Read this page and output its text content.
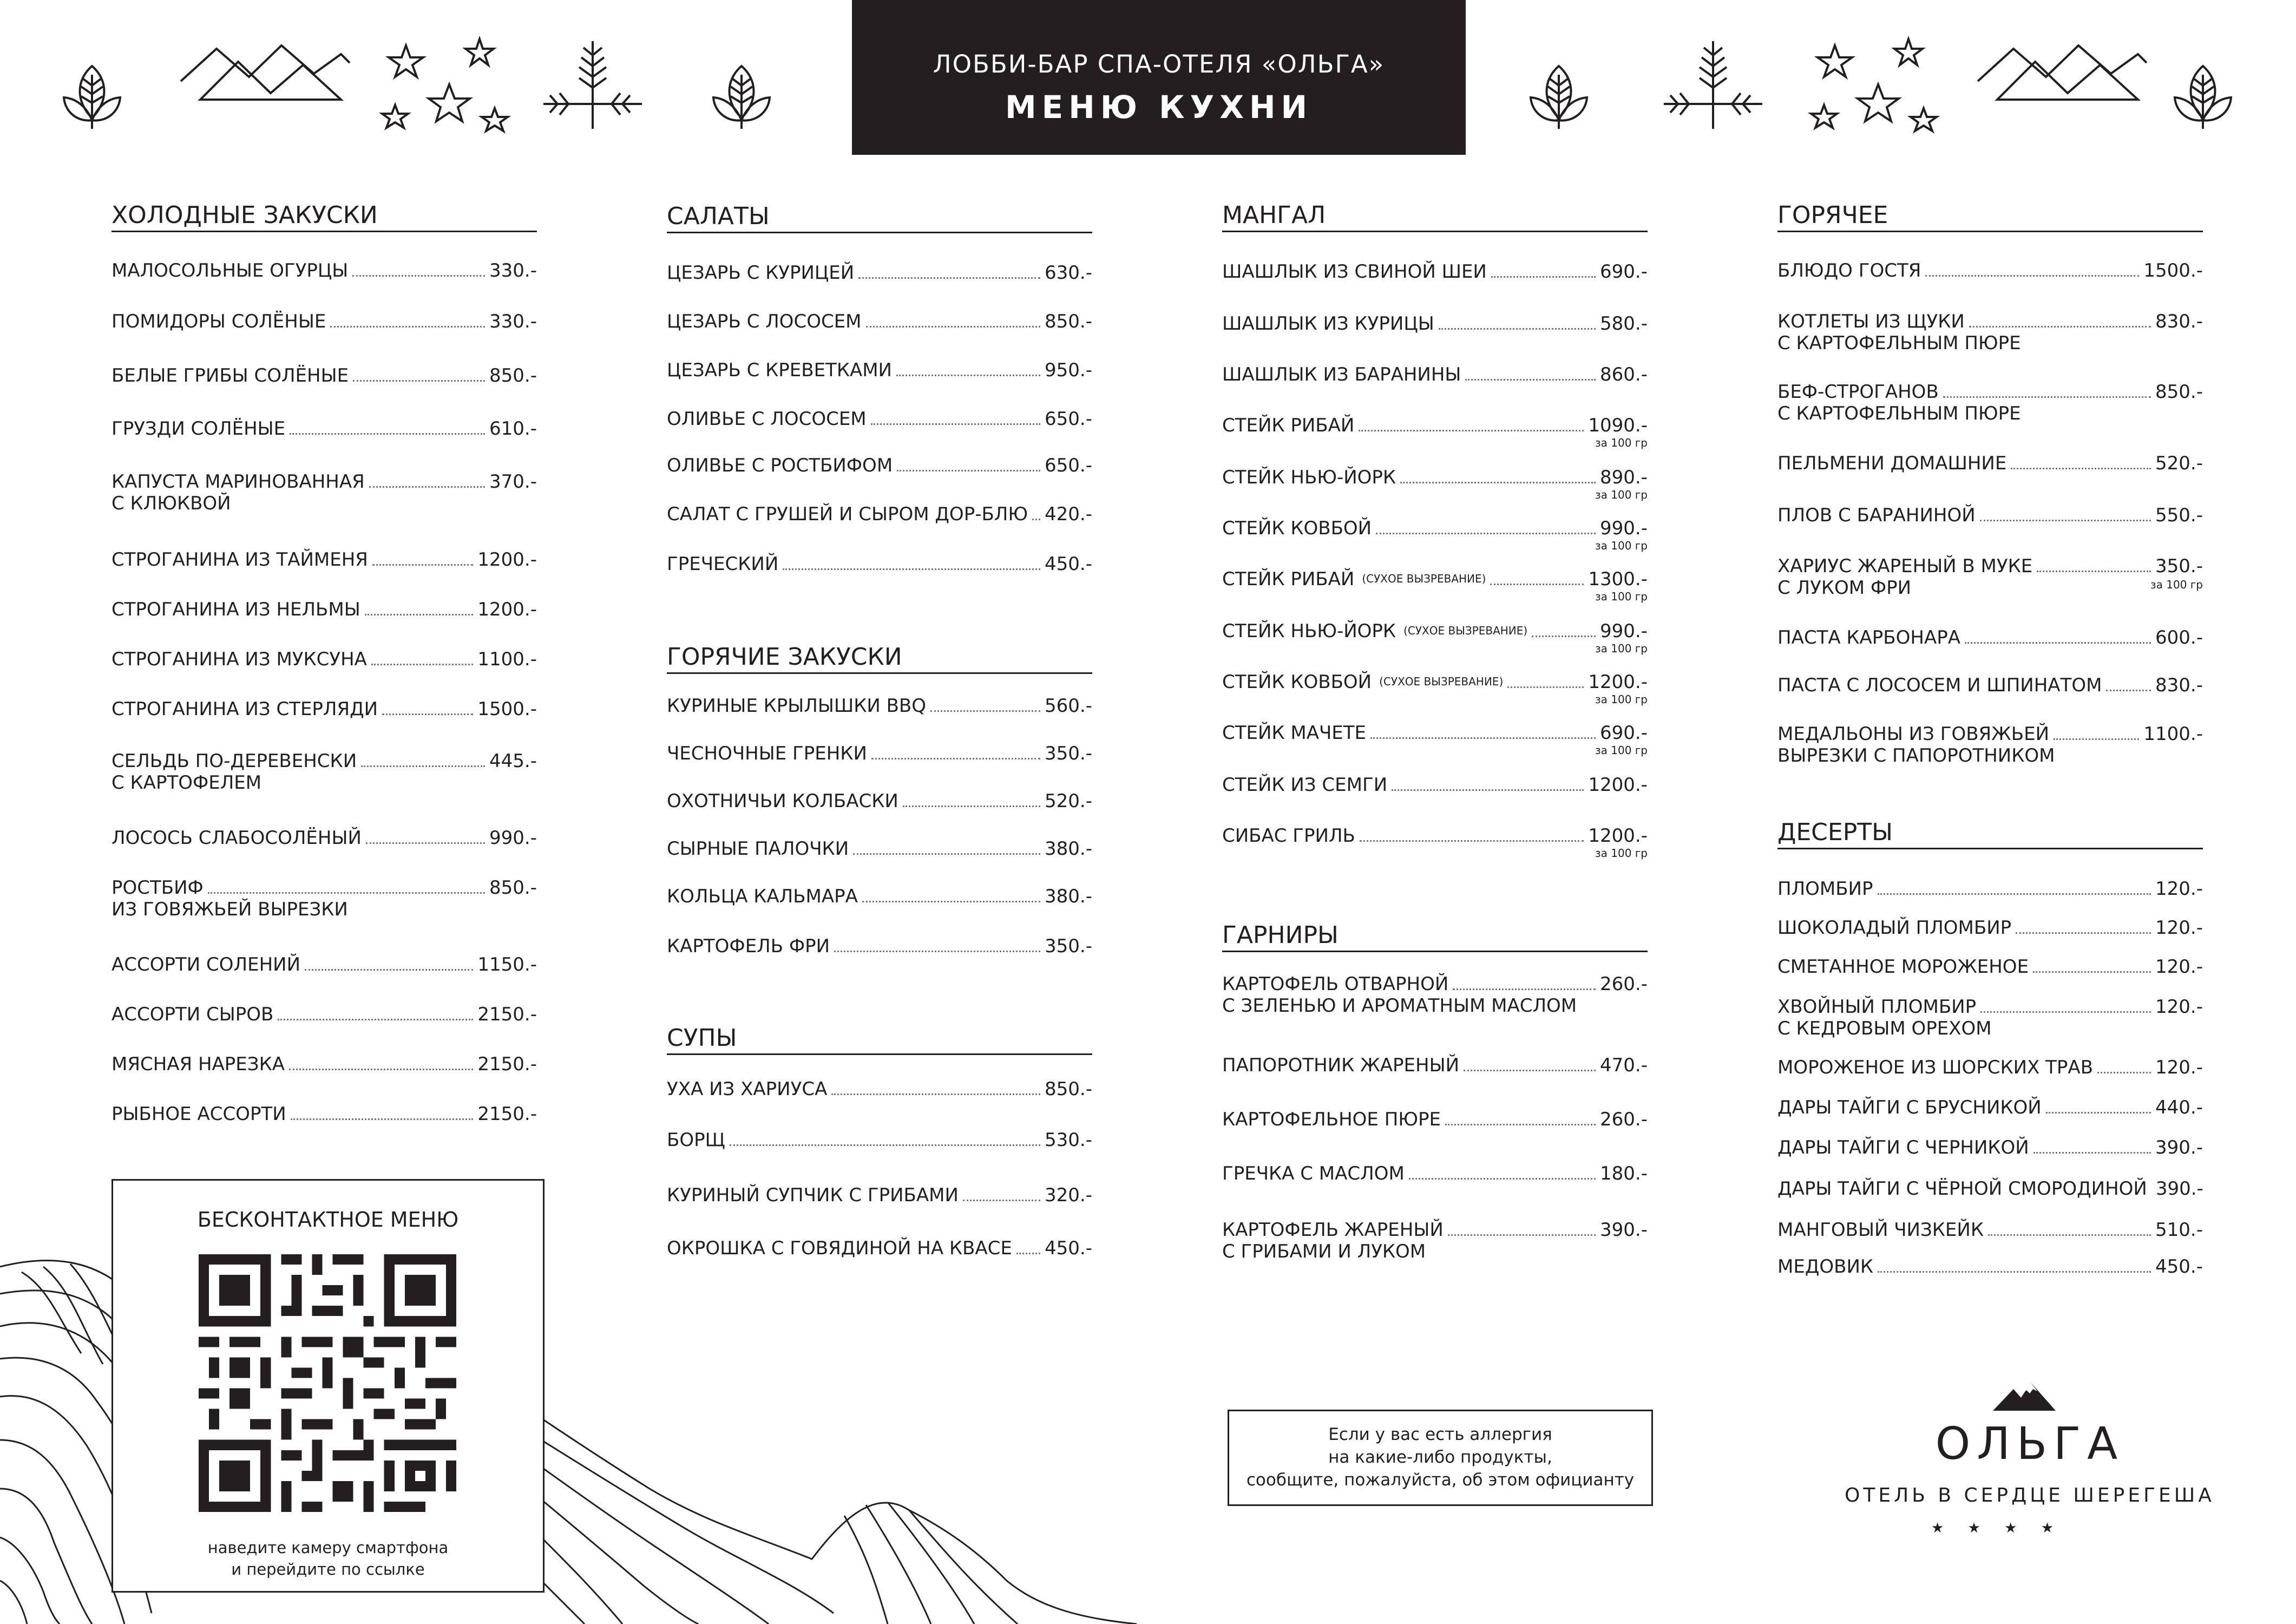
ЛОББИ-БАР СПА-ОТЕЛЯ «ОЛЬГА»
МЕНЮ КУХНИ
ХОЛОДНЫЕ ЗАКУСКИ
МАЛОСОЛЬНЫЕ ОГУРЦЫ	330.-
ПОМИДОРЫ СОЛЁНЫЕ	330.-
БЕЛЫЕ ГРИБЫ СОЛЁНЫЕ	850.-
ГРУЗДИ СОЛЁНЫЕ	610.-
КАПУСТА МАРИНОВАННАЯ	370.-
С КЛЮКВОЙ
СТРОГАНИНА ИЗ ТАЙМЕНЯ	1200.-
СТРОГАНИНА ИЗ НЕЛЬМЫ	1200.-
СТРОГАНИНА ИЗ МУКСУНА	1100.-
СТРОГАНИНА ИЗ СТЕРЛЯДИ	1500.-
СЕЛЬДЬ ПО-ДЕРЕВЕНСКИ	445.-
С КАРТОФЕЛЕМ
ЛОСОСЬ СЛАБОСОЛЁНЫЙ	990.-
РОСТБИФ	850.-
ИЗ ГОВЯЖЬЕЙ ВЫРЕЗКИ
АССОРТИ СОЛЕНИЙ	1150.-
АССОРТИ СЫРОВ	2150.-
МЯСНАЯ НАРЕЗКА	2150.-
РЫБНОЕ АССОРТИ	2150.-
САЛАТЫ
ЦЕЗАРЬ С КУРИЦЕЙ	630.-
ЦЕЗАРЬ С ЛОСОСЕМ	850.-
ЦЕЗАРЬ С КРЕВЕТКАМИ	950.-
ОЛИВЬЕ С ЛОСОСЕМ	650.-
ОЛИВЬЕ С РОСТБИФОМ	650.-
САЛАТ С ГРУШЕЙ И СЫРОМ ДОР-БЛЮ 420.-
ГРЕЧЕСКИЙ	450.-
ГОРЯЧИЕ ЗАКУСКИ
КУРИНЫЕ КРЫЛЫШКИ BBQ	560.-
ЧЕСНОЧНЫЕ ГРЕНКИ	350.-
ОХОТНИЧЬИ КОЛБАСКИ	520.-
СЫРНЫЕ ПАЛОЧКИ	380.-
КОЛЬЦА КАЛЬМАРА	380.-
КАРТОФЕЛЬ ФРИ	350.-
СУПЫ
УХА ИЗ ХАРИУСА	850.-
БОРЩ	530.-
КУРИНЫЙ СУПЧИК С ГРИБАМИ	320.-
ОКРОШКА С ГОВЯДИНОЙ НА КВАСЕ 450.-
МАНГАЛ
ШАШЛЫК ИЗ СВИНОЙ ШЕИ	690.-
ШАШЛЫК ИЗ КУРИЦЫ	580.-
ШАШЛЫК ИЗ БАРАНИНЫ	860.-
СТЕЙК РИБАЙ	1090.-
за 100 гр
СТЕЙК НЬЮ-ЙОРК	890.-
за 100 гр
СТЕЙК КОВБОЙ	990.-
за 100 гр
СТЕЙК РИБАЙ (СУХОЕ ВЫЗРЕВАНИЕ)	1300.-
за 100 гр
СТЕЙК НЬЮ-ЙОРК (СУХОЕ ВЫЗРЕВАНИЕ)	990.-
за 100 гр
СТЕЙК КОВБОЙ (СУХОЕ ВЫЗРЕВАНИЕ)	1200.-
за 100 гр
СТЕЙК МАЧЕТЕ	690.-
за 100 гр
СТЕЙК ИЗ СЕМГИ	1200.-
СИБАС ГРИЛЬ	1200.-
за 100 гр
ГАРНИРЫ
КАРТОФЕЛЬ ОТВАРНОЙ	260.-
С ЗЕЛЕНЬЮ И АРОМАТНЫМ МАСЛОМ
ПАПОРОТНИК ЖАРЕНЫЙ	470.-
КАРТОФЕЛЬНОЕ ПЮРЕ	260.-
ГРЕЧКА С МАСЛОМ	180.-
КАРТОФЕЛЬ ЖАРЕНЫЙ	390.-
С ГРИБАМИ И ЛУКОМ
ГОРЯЧЕЕ
БЛЮДО ГОСТЯ	1500.-
КОТЛЕТЫ ИЗ ЩУКИ	830.-
С КАРТОФЕЛЬНЫМ ПЮРЕ
БЕФ-СТРОГАНОВ	850.-
С КАРТОФЕЛЬНЫМ ПЮРЕ
ПЕЛЬМЕНИ ДОМАШНИЕ	520.-
ПЛОВ С БАРАНИНОЙ	550.-
ХАРИУС ЖАРЕНЫЙ В МУКЕ	350.-
С ЛУКОМ ФРИ	за 100 гр
ПАСТА КАРБОНАРА	600.-
ПАСТА С ЛОСОСЕМ И ШПИНАТОМ	830.-
МЕДАЛЬОНЫ ИЗ ГОВЯЖЬЕЙ	1100.-
ВЫРЕЗКИ С ПАПОРОТНИКОМ
ДЕСЕРТЫ
ПЛОМБИР	120.-
ШОКОЛАДЫЙ ПЛОМБИР	120.-
СМЕТАННОЕ МОРОЖЕНОЕ	120.-
ХВОЙНЫЙ ПЛОМБИР	120.-
С КЕДРОВЫМ ОРЕХОМ
МОРОЖЕНОЕ ИЗ ШОРСКИХ ТРАВ	120.-
ДАРЫ ТАЙГИ С БРУСНИКОЙ	440.-
ДАРЫ ТАЙГИ С ЧЕРНИКОЙ	390.-
ДАРЫ ТАЙГИ С ЧЁРНОЙ СМОРОДИНОЙ 390.-
МАНГОВЫЙ ЧИЗКЕЙК	510.-
МЕДОВИК	450.-
БЕСКОНТАКТНОЕ МЕНЮ
наведите камеру смартфона
и перейдите по ссылке
Если у вас есть аллергия
на какие-либо продукты,
сообщите, пожалуйста, об этом официанту
ОЛЬГА
ОТЕЛЬ В СЕРДЦЕ ШЕРЕГЕША
★ ★ ★ ★
